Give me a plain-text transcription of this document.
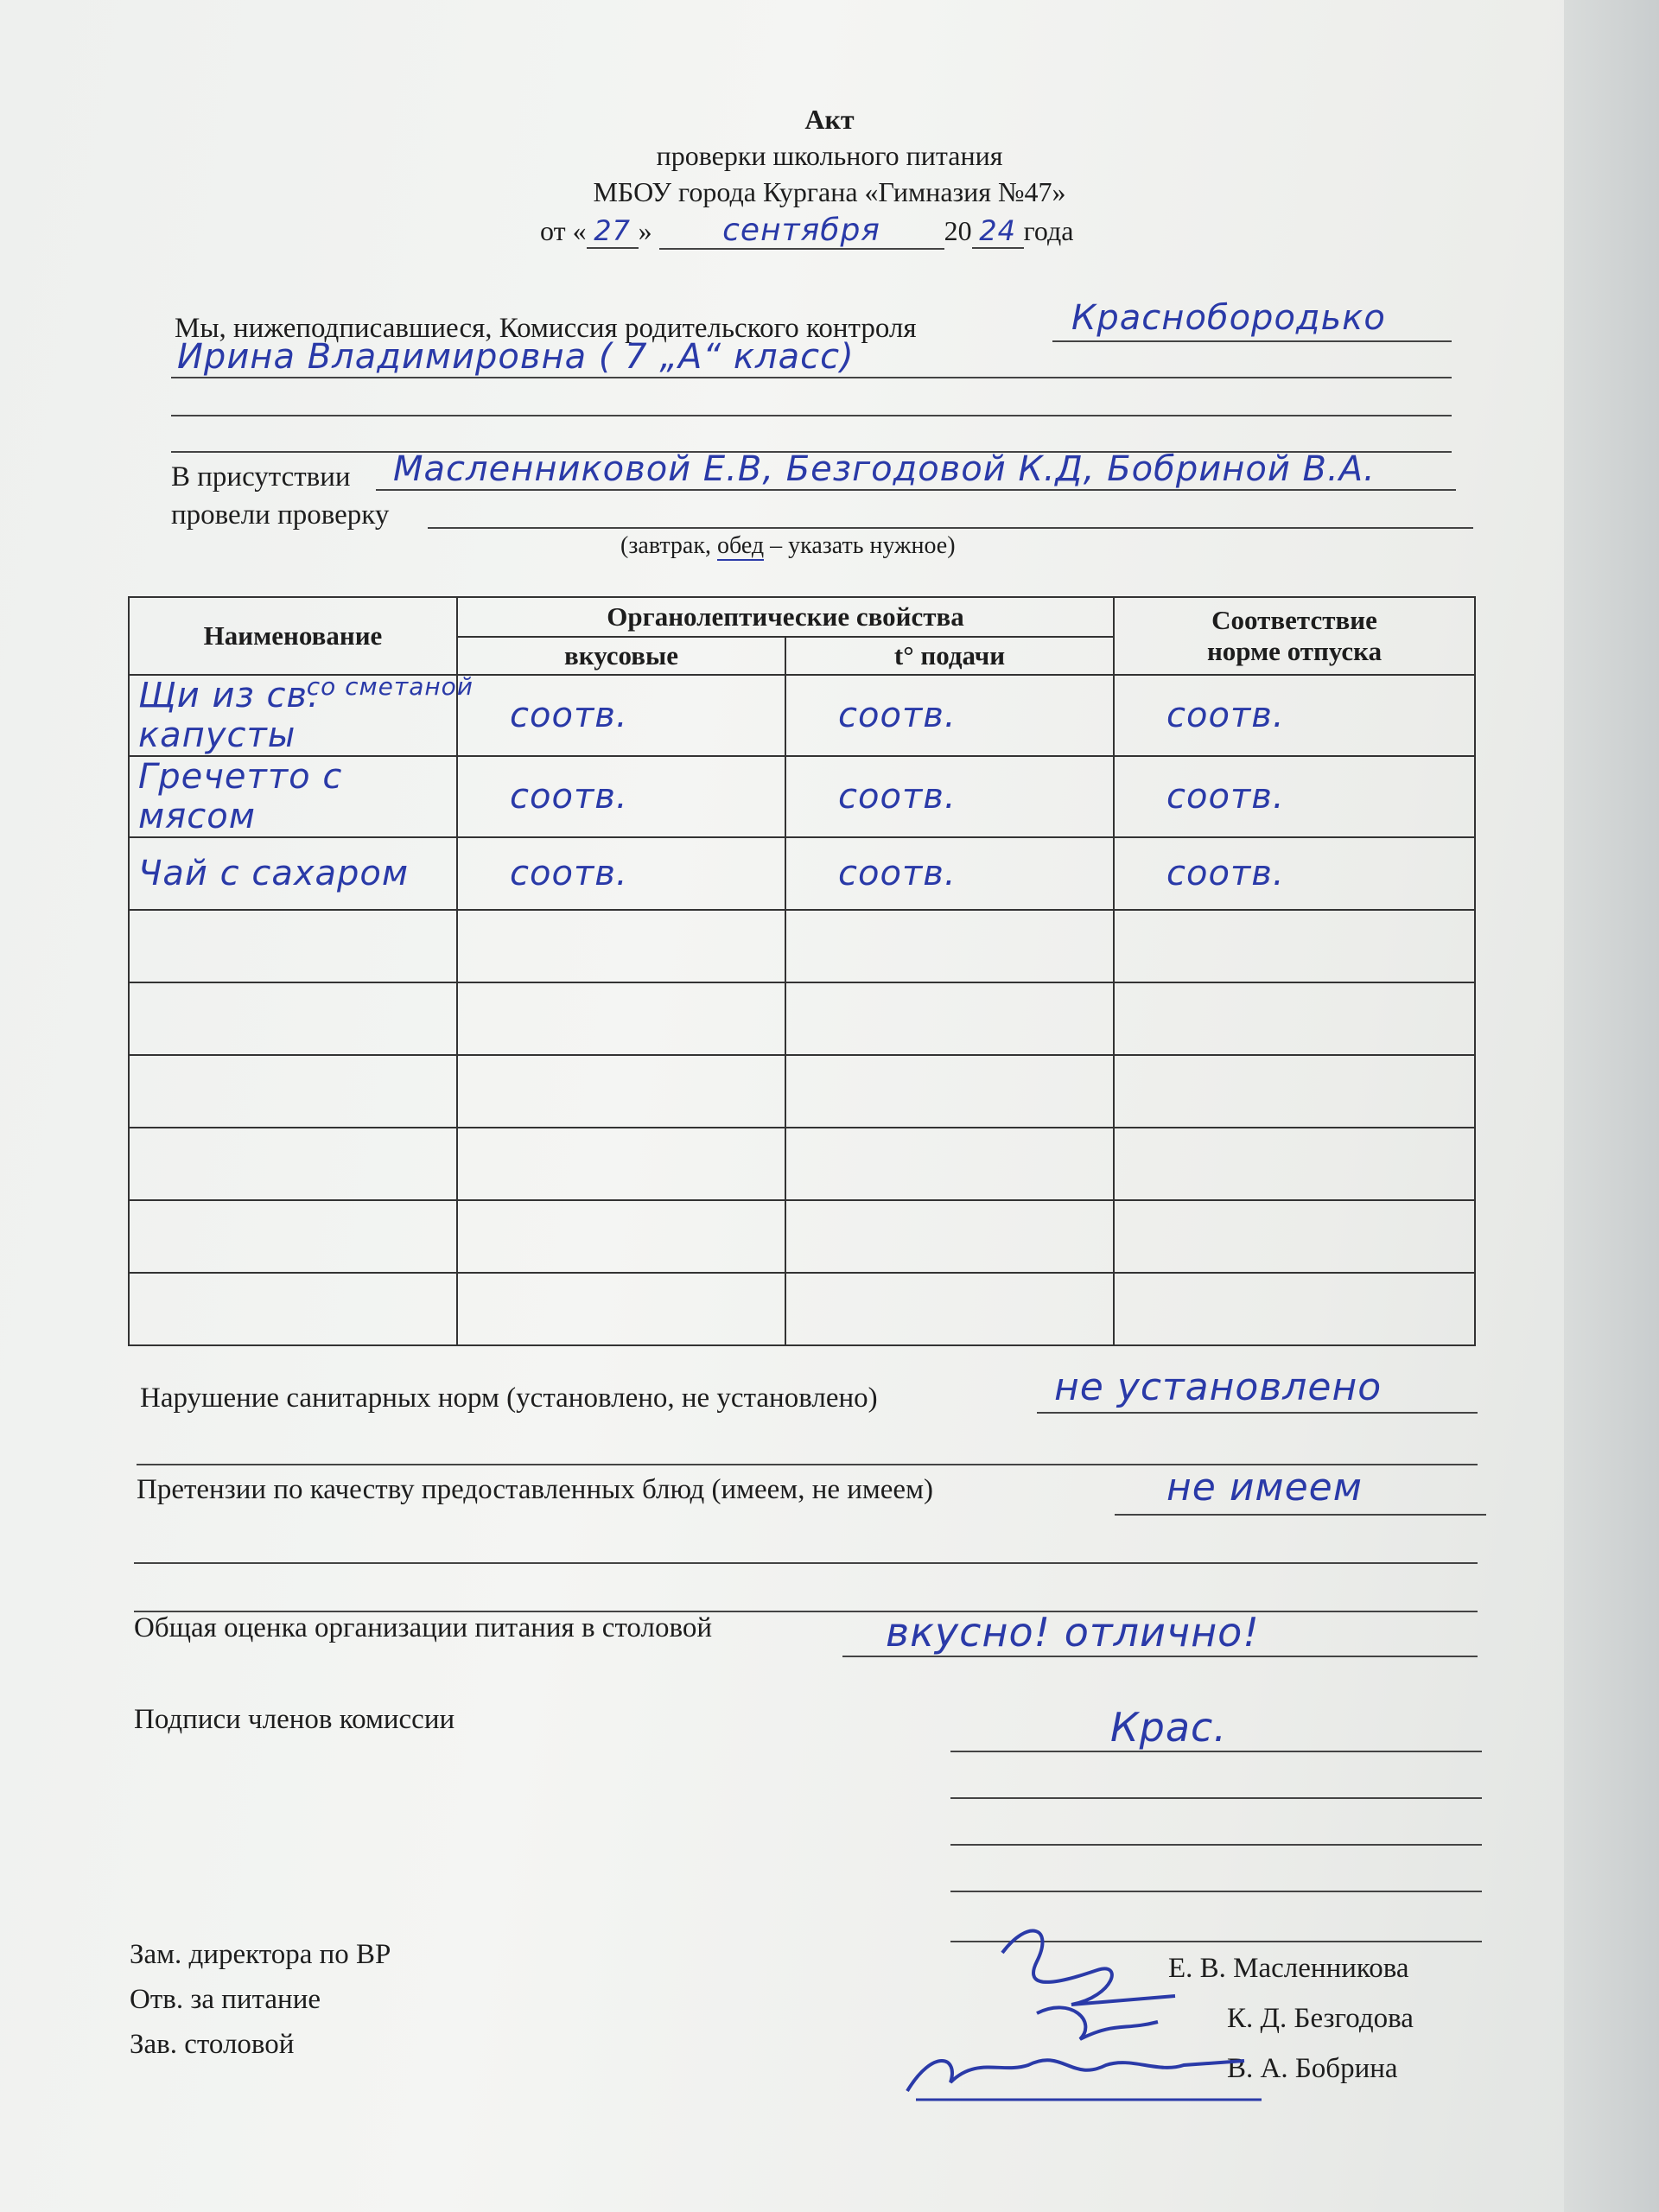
Акт
проверки школьного питания
МБОУ города Кургана «Гимназия №47»
от « 27 » сентября 20 24 года
Мы, нижеподписавшиеся, Комиссия родительского контроля	Краснобородько
Ирина Владимировна ( 7 „А“ класс)
В присутствии Масленниковой Е.В, Безгодовой К.Д, Бобриной В.А.
провели проверку
(завтрак, обед – указать нужное)
Наименование	Органолептические свойства		Соответствие
норме отпуска
	вкусовые	t° подачи	

со сметаной
Щи из св. капусты	соотв.	соотв.	соотв.

Гречетто с мясом	соотв.	соотв.	соотв.

Чай с сахаром	соотв.	соотв.	соотв.

Нарушение санитарных норм (установлено, не установлено)	не установлено
Претензии по качеству предоставленных блюд (имеем, не имеем)	не имеем
Общая оценка организации питания в столовой	вкусно! отлично!
Подписи членов комиссии	Крас.
Зам. директора по ВР	Е. В. Масленникова
Отв. за питание
К. Д. Безгодова
Зав. столовой
В. А. Бобрина
